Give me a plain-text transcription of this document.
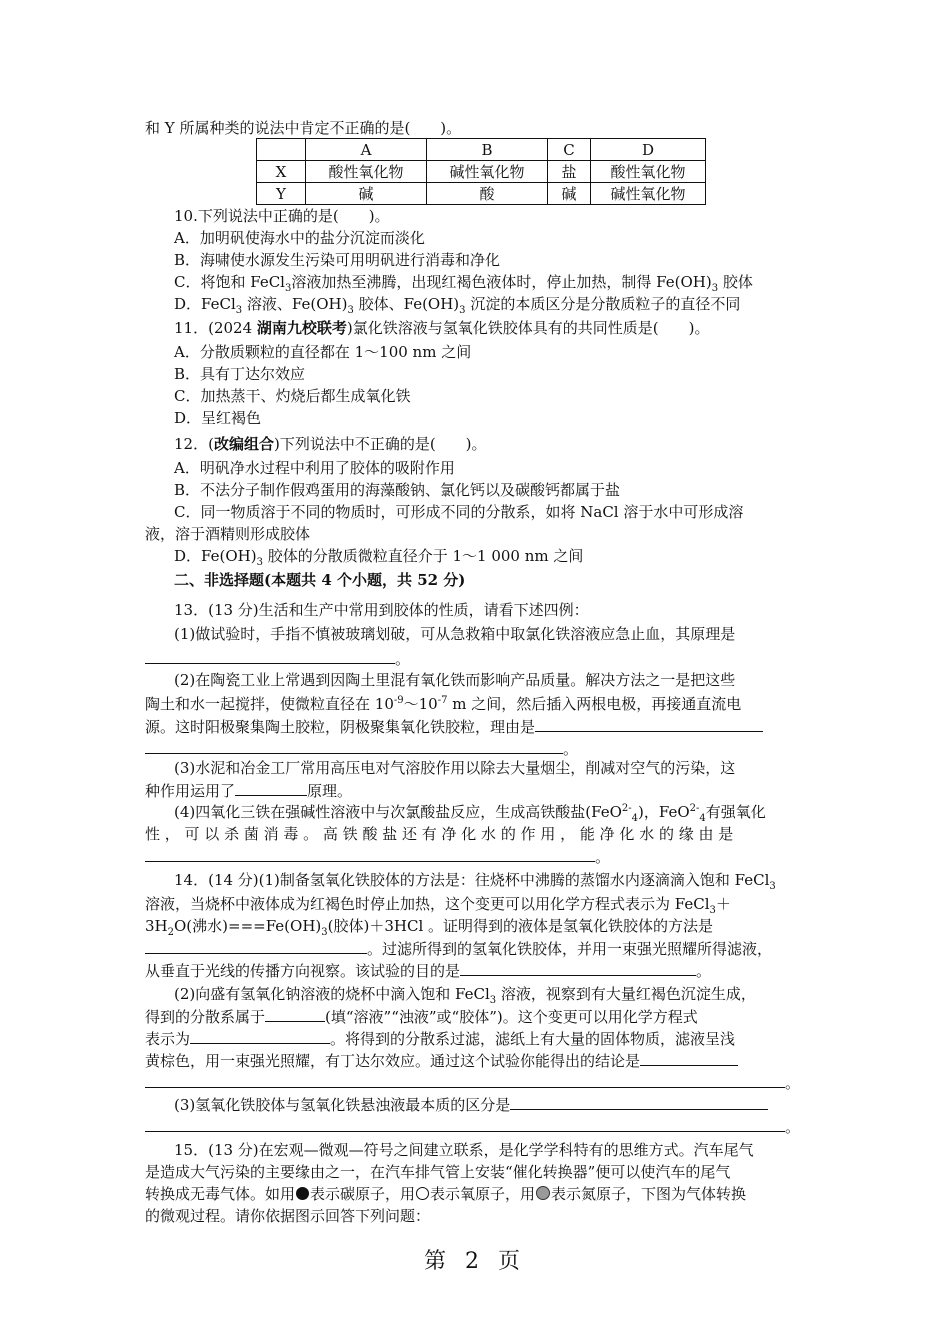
和 Y 所属种类的说法中肯定不正确的是(　　)。
	A	B	C	D
X	酸性氧化物	碱性氧化物	盐	酸性氧化物
Y	碱	酸	碱	碱性氧化物
10.下列说法中正确的是(　　)。
A．加明矾使海水中的盐分沉淀而淡化
B．海啸使水源发生污染可用明矾进行消毒和净化
C．将饱和 FeCl$_3$溶液加热至沸腾，出现红褐色液体时，停止加热，制得 $Fe(OH)_3$ 胶体
D．FeCl$_3$ 溶液、$Fe(OH)_3$ 胶体、$Fe(OH)_3$ 沉淀的本质区分是分散质粒子的直径不同
11．(2024 湖南九校联考)氯化铁溶液与氢氧化铁胶体具有的共同性质是(　　)。
A．分散质颗粒的直径都在 1～100 nm 之间
B．具有丁达尔效应
C．加热蒸干、灼烧后都生成氧化铁
D．呈红褐色
12．(改编组合)下列说法中不正确的是(　　)。
A．明矾净水过程中利用了胶体的吸附作用
B．不法分子制作假鸡蛋用的海藻酸钠、氯化钙以及碳酸钙都属于盐
C．同一物质溶于不同的物质时，可形成不同的分散系，如将 NaCl 溶于水中可形成溶
液，溶于酒精则形成胶体
D．$Fe(OH)_3$ 胶体的分散质微粒直径介于 1～1 000 nm 之间
二、非选择题(本题共 4 个小题，共 52 分)
13．(13 分)生活和生产中常用到胶体的性质，请看下述四例：
(1)做试验时，手指不慎被玻璃划破，可从急救箱中取氯化铁溶液应急止血，其原理是
。
(2)在陶瓷工业上常遇到因陶土里混有氧化铁而影响产品质量。解决方法之一是把这些
陶土和水一起搅拌，使微粒直径在 $10^{-9}\sim 10^{-7}$ m 之间，然后插入两根电极，再接通直流电
源。这时阳极聚集陶土胶粒，阴极聚集氧化铁胶粒，理由是
。
(3)水泥和冶金工厂常用高压电对气溶胶作用以除去大量烟尘，削减对空气的污染，这
种作用运用了	原理。
(4)四氧化三铁在强碱性溶液中与次氯酸盐反应，生成高铁酸盐(FeO$^{2-}_4$)，FeO$^{2-}_4$有强氧化
性 ， 可 以 杀 菌 消 毒 。 高 铁 酸 盐 还 有 净 化 水 的 作 用 ， 能 净 化 水 的 缘 由 是
。
14．(14 分)(1)制备氢氧化铁胶体的方法是：往烧杯中沸腾的蒸馏水内逐滴滴入饱和 FeCl$_3$
溶液，当烧杯中液体成为红褐色时停止加热，这个变更可以用化学方程式表示为 FeCl$_3$＋
$3H_2O$(沸水)$===Fe(OH)_3$(胶体)＋3HCl 。证明得到的液体是氢氧化铁胶体的方法是
。过滤所得到的氢氧化铁胶体，并用一束强光照耀所得滤液，
从垂直于光线的传播方向视察。该试验的目的是	。
(2)向盛有氢氧化钠溶液的烧杯中滴入饱和 FeCl$_3$ 溶液，视察到有大量红褐色沉淀生成，
得到的分散系属于	(填“溶液”“浊液”或“胶体”)。这个变更可以用化学方程式
表示为	。将得到的分散系过滤，滤纸上有大量的固体物质，滤液呈浅
黄棕色，用一束强光照耀，有丁达尔效应。通过这个试验你能得出的结论是
。
(3)氢氧化铁胶体与氢氧化铁悬浊液最本质的区分是
。
15．(13 分)在宏观—微观—符号之间建立联系，是化学学科特有的思维方式。汽车尾气
是造成大气污染的主要缘由之一，在汽车排气管上安装“催化转换器”便可以使汽车的尾气
转换成无毒气体。如用 表示碳原子，用 表示氧原子，用 表示氮原子，下图为气体转换
的微观过程。请你依据图示回答下列问题：
第 2 页
